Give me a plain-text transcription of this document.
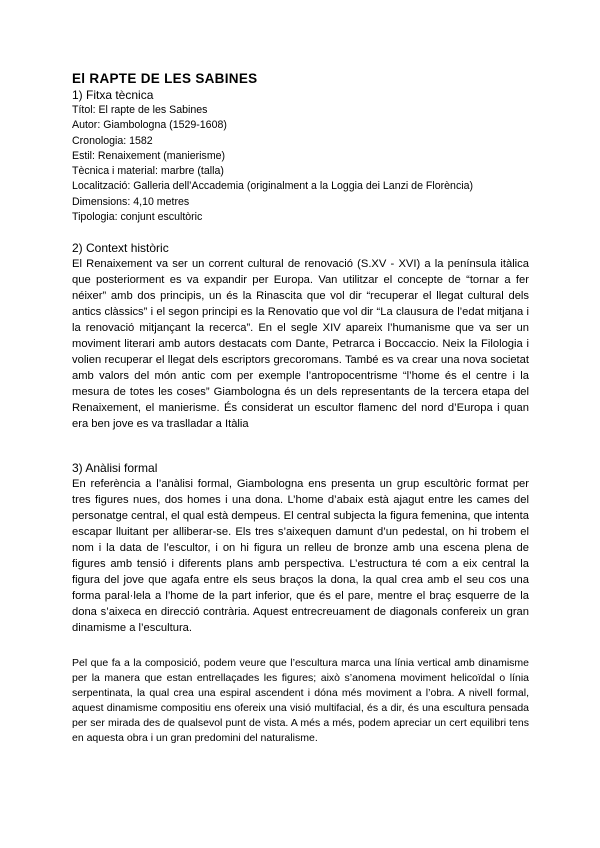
El RAPTE DE LES SABINES

1) Fitxa tècnica

Títol: El rapte de les Sabines

Autor: Giambologna (1529-1608)

Cronologia: 1582

Estil: Renaixement (manierisme)

Tècnica i material: marbre (talla)

Localització: Galleria dell’Accademia (originalment a la Loggia dei Lanzi de Florència)

Dimensions: 4,10 metres

Tipologia: conjunt escultòric

2) Context històric

El Renaixement va ser un corrent cultural de renovació (S.XV - XVI) a la península itàlica que posteriorment es va expandir per Europa. Van utilitzar el concepte de “tornar a fer néixer” amb dos principis, un és la Rinascita que vol dir “recuperar el llegat cultural dels antics clàssics” i el segon principi es la Renovatio que vol dir “La clausura de l’edat mitjana i la renovació mitjançant la recerca”. En el segle XIV apareix l’humanisme que va ser un moviment literari amb autors destacats com Dante, Petrarca i Boccaccio. Neix la Filologia i volien recuperar el llegat dels escriptors grecoromans. També es va crear una nova societat amb valors del món antic com per exemple l’antropocentrisme “l’home és el centre i la mesura de totes les coses” Giambologna és un dels representants de la tercera etapa del Renaixement, el manierisme. És considerat un escultor flamenc del nord d’Europa i quan era ben jove es va traslladar a Itàlia

3) Anàlisi formal

En referència a l’anàlisi formal, Giambologna ens presenta un grup escultòric format per tres figures nues, dos homes i una dona. L’home d’abaix està ajagut entre les cames del personatge central, el qual està dempeus. El central subjecta la figura femenina, que intenta escapar lluitant per alliberar-se. Els tres s’aixequen damunt d’un pedestal, on hi trobem el nom i la data de l’escultor, i on hi figura un relleu de bronze amb una escena plena de figures amb tensió i diferents plans amb perspectiva. L’estructura té com a eix central la figura del jove que agafa entre els seus braços la dona, la qual crea amb el seu cos una forma paral·lela a l’home de la part inferior, que és el pare, mentre el braç esquerre de la dona s’aixeca en direcció contrària. Aquest entrecreuament de diagonals confereix un gran dinamisme a l’escultura.

Pel que fa a la composició, podem veure que l’escultura marca una línia vertical amb dinamisme per la manera que estan entrellaçades les figures; això s’anomena moviment helicoïdal o línia serpentinata, la qual crea una espiral ascendent i dóna més moviment a l’obra. A nivell formal, aquest dinamisme compositiu ens ofereix una visió multifacial, és a dir, és una escultura pensada per ser mirada des de qualsevol punt de vista. A més a més, podem apreciar un cert equilibri tens en aquesta obra i un gran predomini del naturalisme.
